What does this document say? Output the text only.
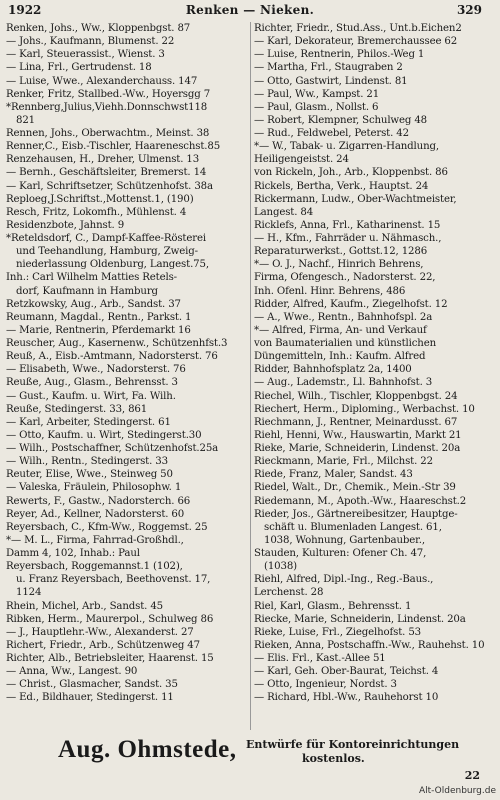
1922	Renken — Nieken.	329
Renken, Johs., Ww., Kloppenbgst. 87
— Johs., Kaufmann, Blumenst. 22
— Karl, Steuerassist., Wienst. 3
— Lina, Frl., Gertrudenst. 18
— Luise, Wwe., Alexanderchauss. 147
Renker, Fritz, Stallbed.-Ww., Hoyersgg 7
*Rennberg,Julius,Viehh.Donnschwst118
821
Rennen, Johs., Oberwachtm., Meinst. 38
Renner,C., Eisb.-Tischler, Haareneschst.85
Renzehausen, H., Dreher, Ulmenst. 13
— Bernh., Geschäftsleiter, Bremerst. 14
— Karl, Schriftsetzer, Schützenhofst. 38a
Reploeg,J.Schriftst.,Mottenst.1, (190)
Resch, Fritz, Lokomfh., Mühlenst. 4
Residenzbote, Jahnst. 9
*Reteldsdorf, C., Dampf-Kaffee-Rösterei
und Teehandlung, Hamburg, Zweig-
niederlassung Oldenburg, Langest.75,
Inh.: Carl Wilhelm Matties Retels-
dorf, Kaufmann in Hamburg
Retzkowsky, Aug., Arb., Sandst. 37
Reumann, Magdal., Rentn., Parkst. 1
— Marie, Rentnerin, Pferdemarkt 16
Reuscher, Aug., Kasernenw., Schützenhfst.3
Reuß, A., Eisb.-Amtmann, Nadorsterst. 76
— Elisabeth, Wwe., Nadorsterst. 76
Reuße, Aug., Glasm., Behrensst. 3
— Gust., Kaufm. u. Wirt, Fa. Wilh.
Reuße, Stedingerst. 33, 861
— Karl, Arbeiter, Stedingerst. 61
— Otto, Kaufm. u. Wirt, Stedingerst.30
— Wilh., Postschaffner, Schützenhofst.25a
— Wilh., Rentn., Stedingerst. 33
Reuter, Elise, Wwe., Steinweg 50
— Valeska, Fräulein, Philosophw. 1
Rewerts, F., Gastw., Nadorsterch. 66
Reyer, Ad., Kellner, Nadorsterst. 60
Reyersbach, C., Kfm-Ww., Roggemst. 25
*— M. L., Firma, Fahrrad-Großhdl.,
Damm 4, 102, Inhab.: Paul
Reyersbach, Roggemannst.1 (102),
u. Franz Reyersbach, Beethovenst. 17,
1124
Rhein, Michel, Arb., Sandst. 45
Ribken, Herm., Maurerpol., Schulweg 86
— J., Hauptlehr.-Ww., Alexanderst. 27
Richert, Friedr., Arb., Schützenweg 47
Richter, Alb., Betriebsleiter, Haarenst. 15
— Anna, Ww., Langest. 90
— Christ., Glasmacher, Sandst. 35
— Ed., Bildhauer, Stedingerst. 11
Richter, Friedr., Stud.Ass., Unt.b.Eichen2
— Karl, Dekorateur, Bremerchaussee 62
— Luise, Rentnerin, Philos.-Weg 1
— Martha, Frl., Staugraben 2
— Otto, Gastwirt, Lindenst. 81
— Paul, Ww., Kampst. 21
— Paul, Glasm., Nollst. 6
— Robert, Klempner, Schulweg 48
— Rud., Feldwebel, Peterst. 42
*— W., Tabak- u. Zigarren-Handlung,
Heiligengeistst. 24
von Rickeln, Joh., Arb., Kloppenbst. 86
Rickels, Bertha, Verk., Hauptst. 24
Rickermann, Ludw., Ober-Wachtmeister,
Langest. 84
Ricklefs, Anna, Frl., Katharinenst. 15
— H., Kfm., Fahrräder u. Nähmasch.,
Reparaturwerkst., Gottst.12, 1286
*— O. J., Nachf., Hinrich Behrens,
Firma, Ofengesch., Nadorsterst. 22,
Inh. Ofenl. Hinr. Behrens, 486
Ridder, Alfred, Kaufm., Ziegelhofst. 12
— A., Wwe., Rentn., Bahnhofspl. 2a
*— Alfred, Firma, An- und Verkauf
von Baumaterialien und künstlichen
Düngemitteln, Inh.: Kaufm. Alfred
Ridder, Bahnhofsplatz 2a, 1400
— Aug., Lademstr., Ll. Bahnhofst. 3
Riechel, Wilh., Tischler, Kloppenbgst. 24
Riechert, Herm., Diploming., Werbachst. 10
Riechmann, J., Rentner, Meinardusst. 67
Riehl, Henni, Ww., Hauswartin, Markt 21
Rieke, Marie, Schneiderin, Lindenst. 20a
Rieckmann, Marie, Frl., Milchst. 22
Riede, Franz, Maler, Sandst. 43
Riedel, Walt., Dr., Chemik., Mein.-Str 39
Riedemann, M., Apoth.-Ww., Haareschst.2
Rieder, Jos., Gärtnereibesitzer, Hauptge-
schäft u. Blumenladen Langest. 61,
1038, Wohnung, Gartenbauber.,
Stauden, Kulturen: Ofener Ch. 47,
(1038)
Riehl, Alfred, Dipl.-Ing., Reg.-Baus.,
Lerchenst. 28
Riel, Karl, Glasm., Behrensst. 1
Riecke, Marie, Schneiderin, Lindenst. 20a
Rieke, Luise, Frl., Ziegelhofst. 53
Rieken, Anna, Postschaffn.-Ww., Rauhehst. 10
— Elis. Frl., Kast.-Allee 51
— Karl, Geh. Ober-Baurat, Teichst. 4
— Otto, Ingenieur, Nordst. 3
— Richard, Hbl.-Ww., Rauhehorst 10
Aug. Ohmstede, Entwürfe für Kontoreinrichtungen
kostenlos.
22
Alt-Oldenburg.de
